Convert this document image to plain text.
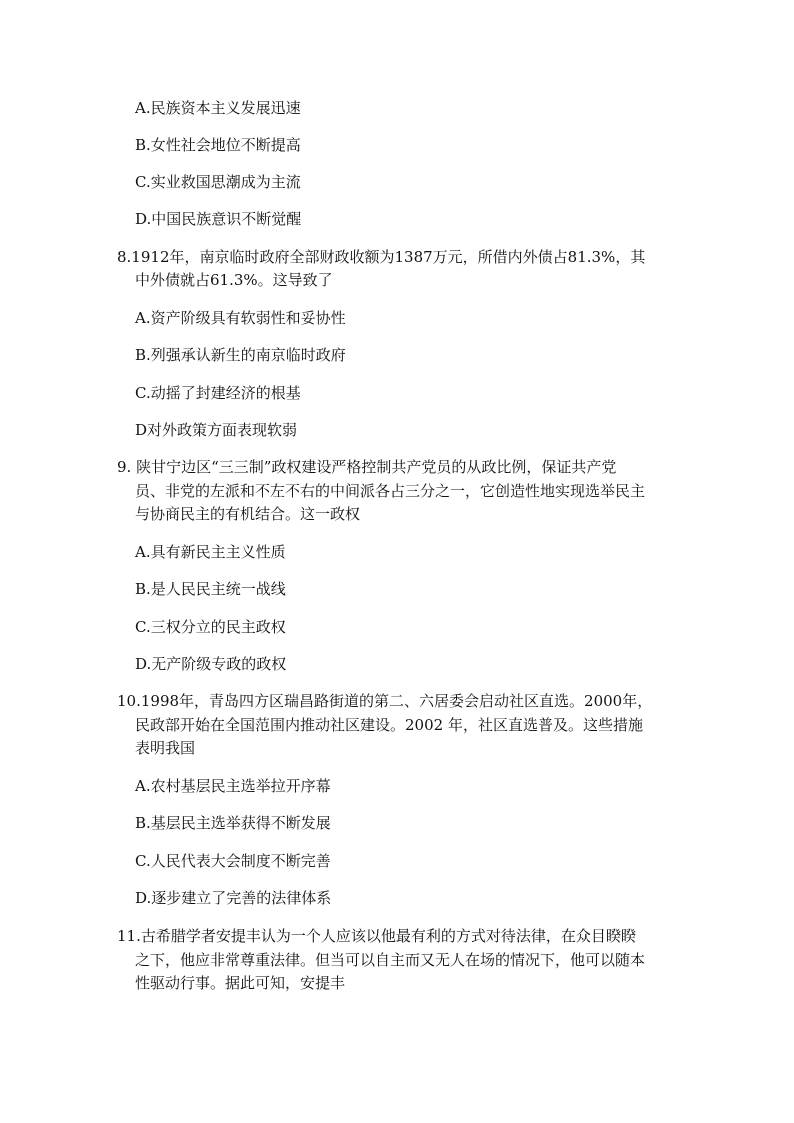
A.民族资本主义发展迅速
B.女性社会地位不断提高
C.实业救国思潮成为主流
D.中国民族意识不断觉醒
8.1912年，南京临时政府全部财政收额为1387万元，所借内外债占81.3%，其
中外债就占61.3%。这导致了
A.资产阶级具有软弱性和妥协性
B.列强承认新生的南京临时政府
C.动摇了封建经济的根基
D对外政策方面表现软弱
9. 陕甘宁边区“三三制”政权建设严格控制共产党员的从政比例，保证共产党
员、非党的左派和不左不右的中间派各占三分之一，它创造性地实现选举民主
与协商民主的有机结合。这一政权
A.具有新民主主义性质
B.是人民民主统一战线
C.三权分立的民主政权
D.无产阶级专政的政权
10.1998年，青岛四方区瑞昌路街道的第二、六居委会启动社区直选。2000年，
民政部开始在全国范围内推动社区建设。2002 年，社区直选普及。这些措施
表明我国
A.农村基层民主选举拉开序幕
B.基层民主选举获得不断发展
C.人民代表大会制度不断完善
D.逐步建立了完善的法律体系
11.古希腊学者安提丰认为一个人应该以他最有利的方式对待法律，在众目睽睽
之下，他应非常尊重法律。但当可以自主而又无人在场的情况下，他可以随本
性驱动行事。据此可知，安提丰
